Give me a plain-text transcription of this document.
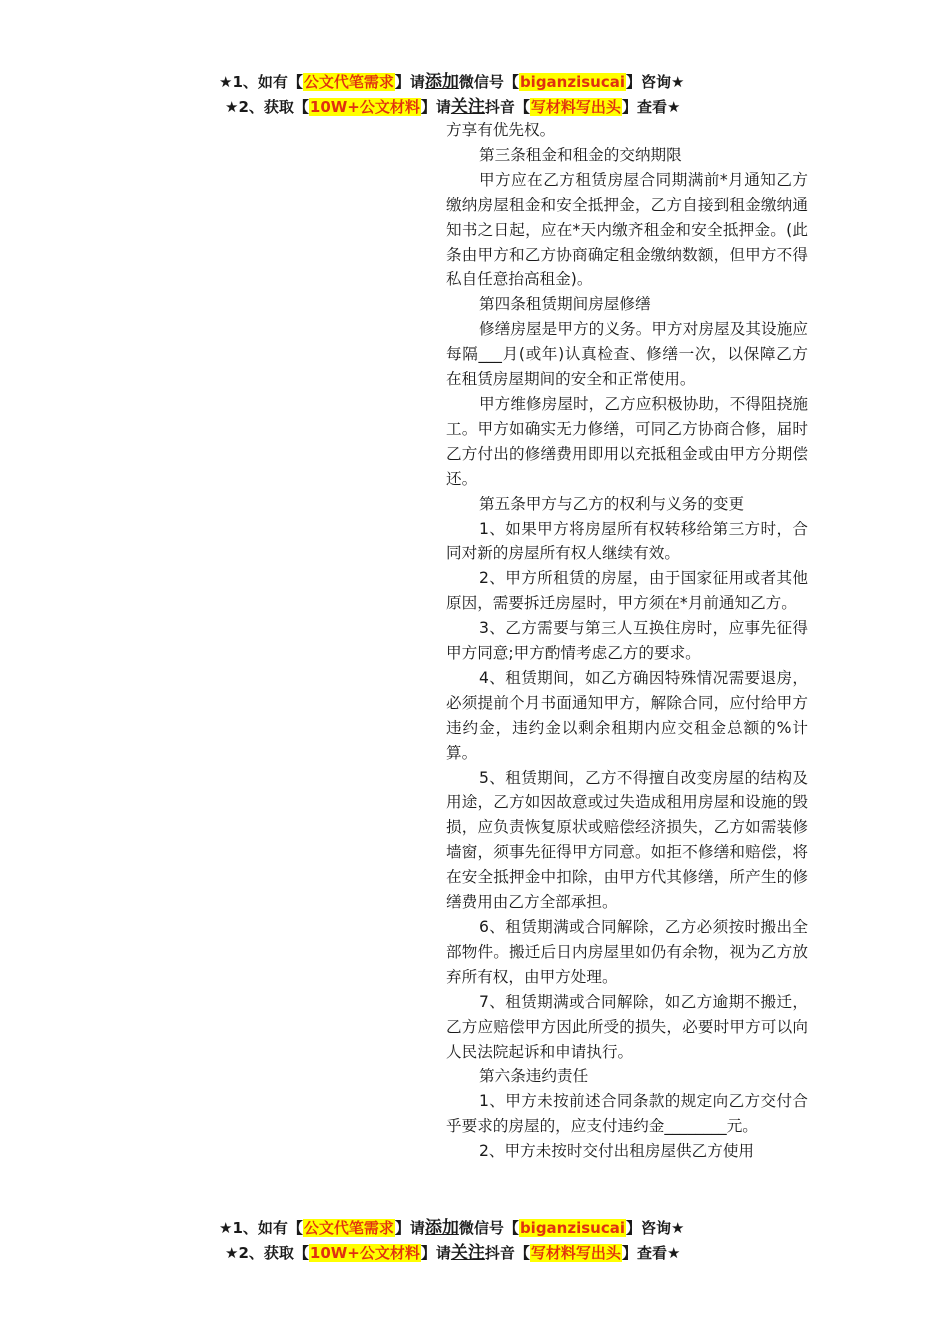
★1、如有【公文代笔需求】请添加微信号【biganzisucai】咨询★
★2、获取【10W+公文材料】请关注抖音【写材料写出头】查看★

方享有优先权。

第三条租金和租金的交纳期限

甲方应在乙方租赁房屋合同期满前*月通知乙方缴纳房屋租金和安全抵押金，乙方自接到租金缴纳通知书之日起，应在*天内缴齐租金和安全抵押金。(此条由甲方和乙方协商确定租金缴纳数额，但甲方不得私自任意抬高租金)。

第四条租赁期间房屋修缮

修缮房屋是甲方的义务。甲方对房屋及其设施应每隔___月(或年)认真检查、修缮一次，以保障乙方在租赁房屋期间的安全和正常使用。

甲方维修房屋时，乙方应积极协助，不得阻挠施工。甲方如确实无力修缮，可同乙方协商合修，届时乙方付出的修缮费用即用以充抵租金或由甲方分期偿还。

第五条甲方与乙方的权利与义务的变更

1、如果甲方将房屋所有权转移给第三方时，合同对新的房屋所有权人继续有效。

2、甲方所租赁的房屋，由于国家征用或者其他原因，需要拆迁房屋时，甲方须在*月前通知乙方。

3、乙方需要与第三人互换住房时，应事先征得甲方同意;甲方酌情考虑乙方的要求。

4、租赁期间，如乙方确因特殊情况需要退房，必须提前个月书面通知甲方，解除合同，应付给甲方违约金，违约金以剩余租期内应交租金总额的%计算。

5、租赁期间，乙方不得擅自改变房屋的结构及用途，乙方如因故意或过失造成租用房屋和设施的毁损，应负责恢复原状或赔偿经济损失，乙方如需装修墙窗，须事先征得甲方同意。如拒不修缮和赔偿，将在安全抵押金中扣除，由甲方代其修缮，所产生的修缮费用由乙方全部承担。

6、租赁期满或合同解除，乙方必须按时搬出全部物件。搬迁后日内房屋里如仍有余物，视为乙方放弃所有权，由甲方处理。

7、租赁期满或合同解除，如乙方逾期不搬迁，乙方应赔偿甲方因此所受的损失，必要时甲方可以向人民法院起诉和申请执行。

第六条违约责任

1、甲方未按前述合同条款的规定向乙方交付合乎要求的房屋的，应支付违约金________元。

2、甲方未按时交付出租房屋供乙方使用

★1、如有【公文代笔需求】请添加微信号【biganzisucai】咨询★
★2、获取【10W+公文材料】请关注抖音【写材料写出头】查看★
